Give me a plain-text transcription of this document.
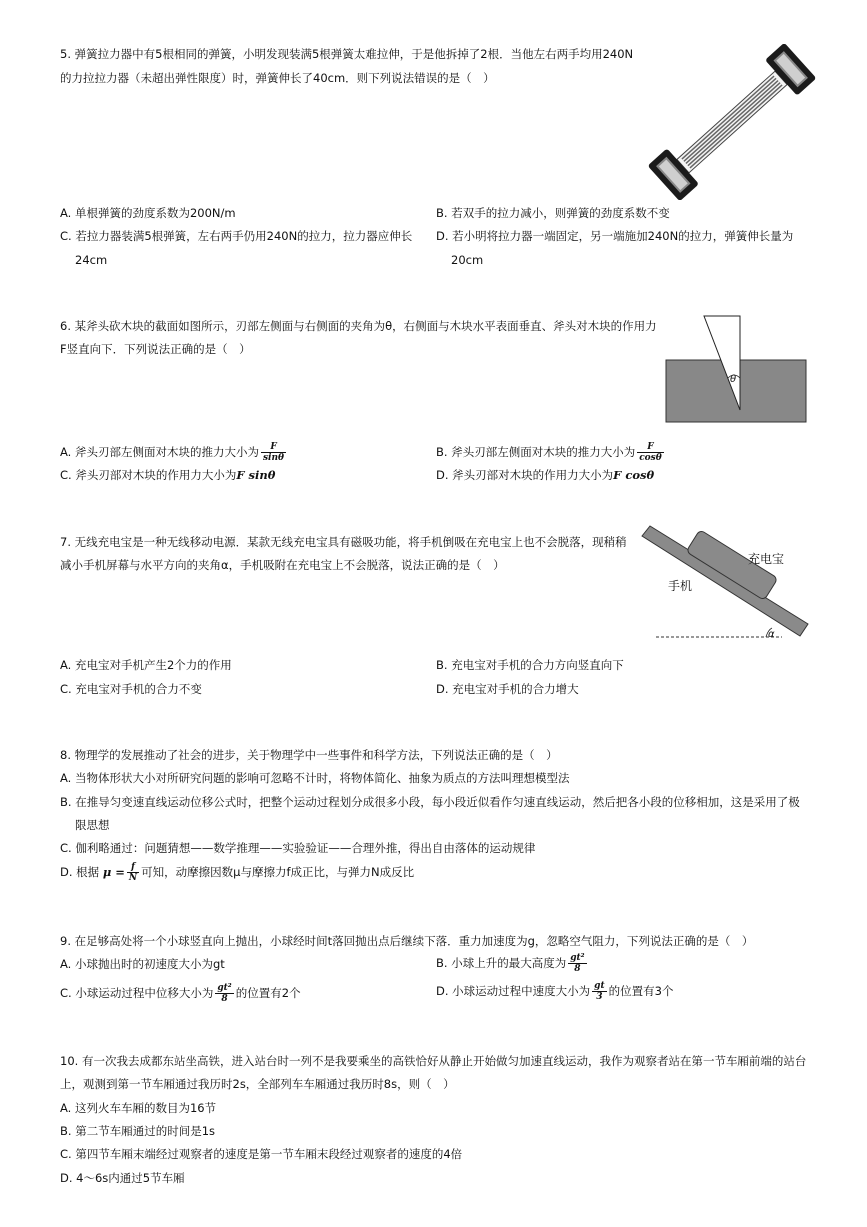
5. 弹簧拉力器中有5根相同的弹簧，小明发现装满5根弹簧太难拉伸，于是他拆掉了2根．当他左右两手均用240N
的力拉拉力器（未超出弹性限度）时，弹簧伸长了40cm．则下列说法错误的是（　）
A. 单根弹簧的劲度系数为200N/m	B. 若双手的拉力减小，则弹簧的劲度系数不变
C. 若拉力器装满5根弹簧，左右两手仍用240N的拉力，拉力器应伸长 D. 若小明将拉力器一端固定，另一端施加240N的拉力，弹簧伸长量为
24cm	20cm
6. 某斧头砍木块的截面如图所示，刃部左侧面与右侧面的夹角为θ，右侧面与木块水平表面垂直、斧头对木块的作用力
F竖直向下．下列说法正确的是（　）
θ
A. 斧头刃部左侧面对木块的推力大小为 $\frac{F}{\sin\theta}$	B. 斧头刃部左侧面对木块的推力大小为 $\frac{F}{\cos\theta}$
C. 斧头刃部对木块的作用力大小为F sinθ	D. 斧头刃部对木块的作用力大小为F cosθ
7. 无线充电宝是一种无线移动电源．某款无线充电宝具有磁吸功能，将手机倒吸在充电宝上也不会脱落，现稍稍
减小手机屏幕与水平方向的夹角α，手机吸附在充电宝上不会脱落，说法正确的是（　）	充电宝
手机
α
A. 充电宝对手机产生2个力的作用	B. 充电宝对手机的合力方向竖直向下
C. 充电宝对手机的合力不变	D. 充电宝对手机的合力增大
8. 物理学的发展推动了社会的进步，关于物理学中一些事件和科学方法，下列说法正确的是（　）
A. 当物体形状大小对所研究问题的影响可忽略不计时，将物体简化、抽象为质点的方法叫理想模型法
B. 在推导匀变速直线运动位移公式时，把整个运动过程划分成很多小段，每小段近似看作匀速直线运动，然后把各小段的位移相加，这是采用了极
限思想
C. 伽利略通过：问题猜想——数学推理——实验验证——合理外推，得出自由落体的运动规律
D. 根据 $\mu = \frac{f}{N}$ 可知，动摩擦因数μ与摩擦力f成正比，与弹力N成反比
9. 在足够高处将一个小球竖直向上抛出，小球经时间t落回抛出点后继续下落．重力加速度为g，忽略空气阻力，下列说法正确的是（　）
A. 小球抛出时的初速度大小为gt	B. 小球上升的最大高度为 $\frac{\text{gt²}}{8}$
C. 小球运动过程中位移大小为 $\frac{\text{gt²}}{8}$ 的位置有2个	D. 小球运动过程中速度大小为 $\frac{gt}{3}$ 的位置有3个
10. 有一次我去成都东站坐高铁，进入站台时一列不是我要乘坐的高铁恰好从静止开始做匀加速直线运动，我作为观察者站在第一节车厢前端的站台
上，观测到第一节车厢通过我历时2s，全部列车车厢通过我历时8s，则（　）
A. 这列火车车厢的数目为16节
B. 第二节车厢通过的时间是1s
C. 第四节车厢末端经过观察者的速度是第一节车厢末段经过观察者的速度的4倍
D. 4～6s内通过5节车厢
